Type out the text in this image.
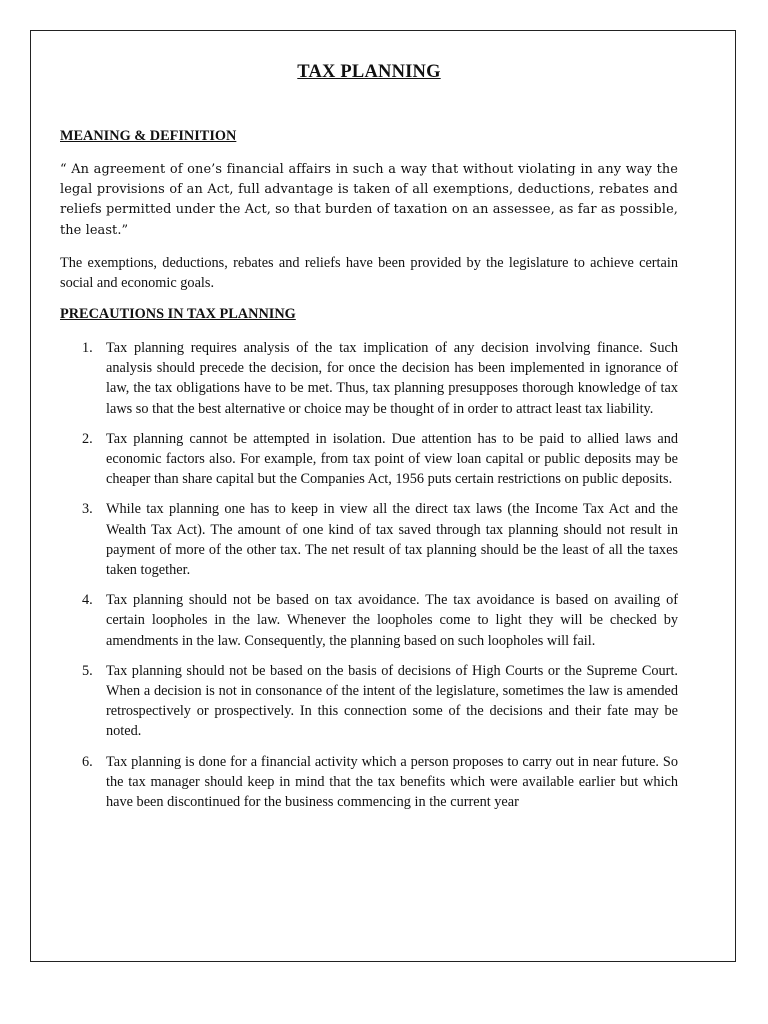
TAX PLANNING
MEANING & DEFINITION

“ An agreement of one’s financial affairs in such a way that without violating in any way the legal provisions of an Act, full advantage is taken of all exemptions, deductions, rebates and reliefs permitted under the Act, so that burden of taxation on an assessee, as far as possible, the least.”

The exemptions, deductions, rebates and reliefs have been provided by the legislature to achieve certain social and economic goals.

PRECAUTIONS IN TAX PLANNING
1. Tax planning requires analysis of the tax implication of any decision involving finance. Such analysis should precede the decision, for once the decision has been implemented in ignorance of law, the tax obligations have to be met. Thus, tax planning presupposes thorough knowledge of tax laws so that the best alternative or choice may be thought of in order to attract least tax liability.
2. Tax planning cannot be attempted in isolation. Due attention has to be paid to allied laws and economic factors also. For example, from tax point of view loan capital or public deposits may be cheaper than share capital but the Companies Act, 1956 puts certain restrictions on public deposits.
3. While tax planning one has to keep in view all the direct tax laws (the Income Tax Act and the Wealth Tax Act). The amount of one kind of tax saved through tax planning should not result in payment of more of the other tax. The net result of tax planning should be the least of all the taxes taken together.
4. Tax planning should not be based on tax avoidance. The tax avoidance is based on availing of certain loopholes in the law. Whenever the loopholes come to light they will be checked by amendments in the law. Consequently, the planning based on such loopholes will fail.
5. Tax planning should not be based on the basis of decisions of High Courts or the Supreme Court. When a decision is not in consonance of the intent of the legislature, sometimes the law is amended retrospectively or prospectively. In this connection some of the decisions and their fate may be noted.
6. Tax planning is done for a financial activity which a person proposes to carry out in near future. So the tax manager should keep in mind that the tax benefits which were available earlier but which have been discontinued for the business commencing in the current year
